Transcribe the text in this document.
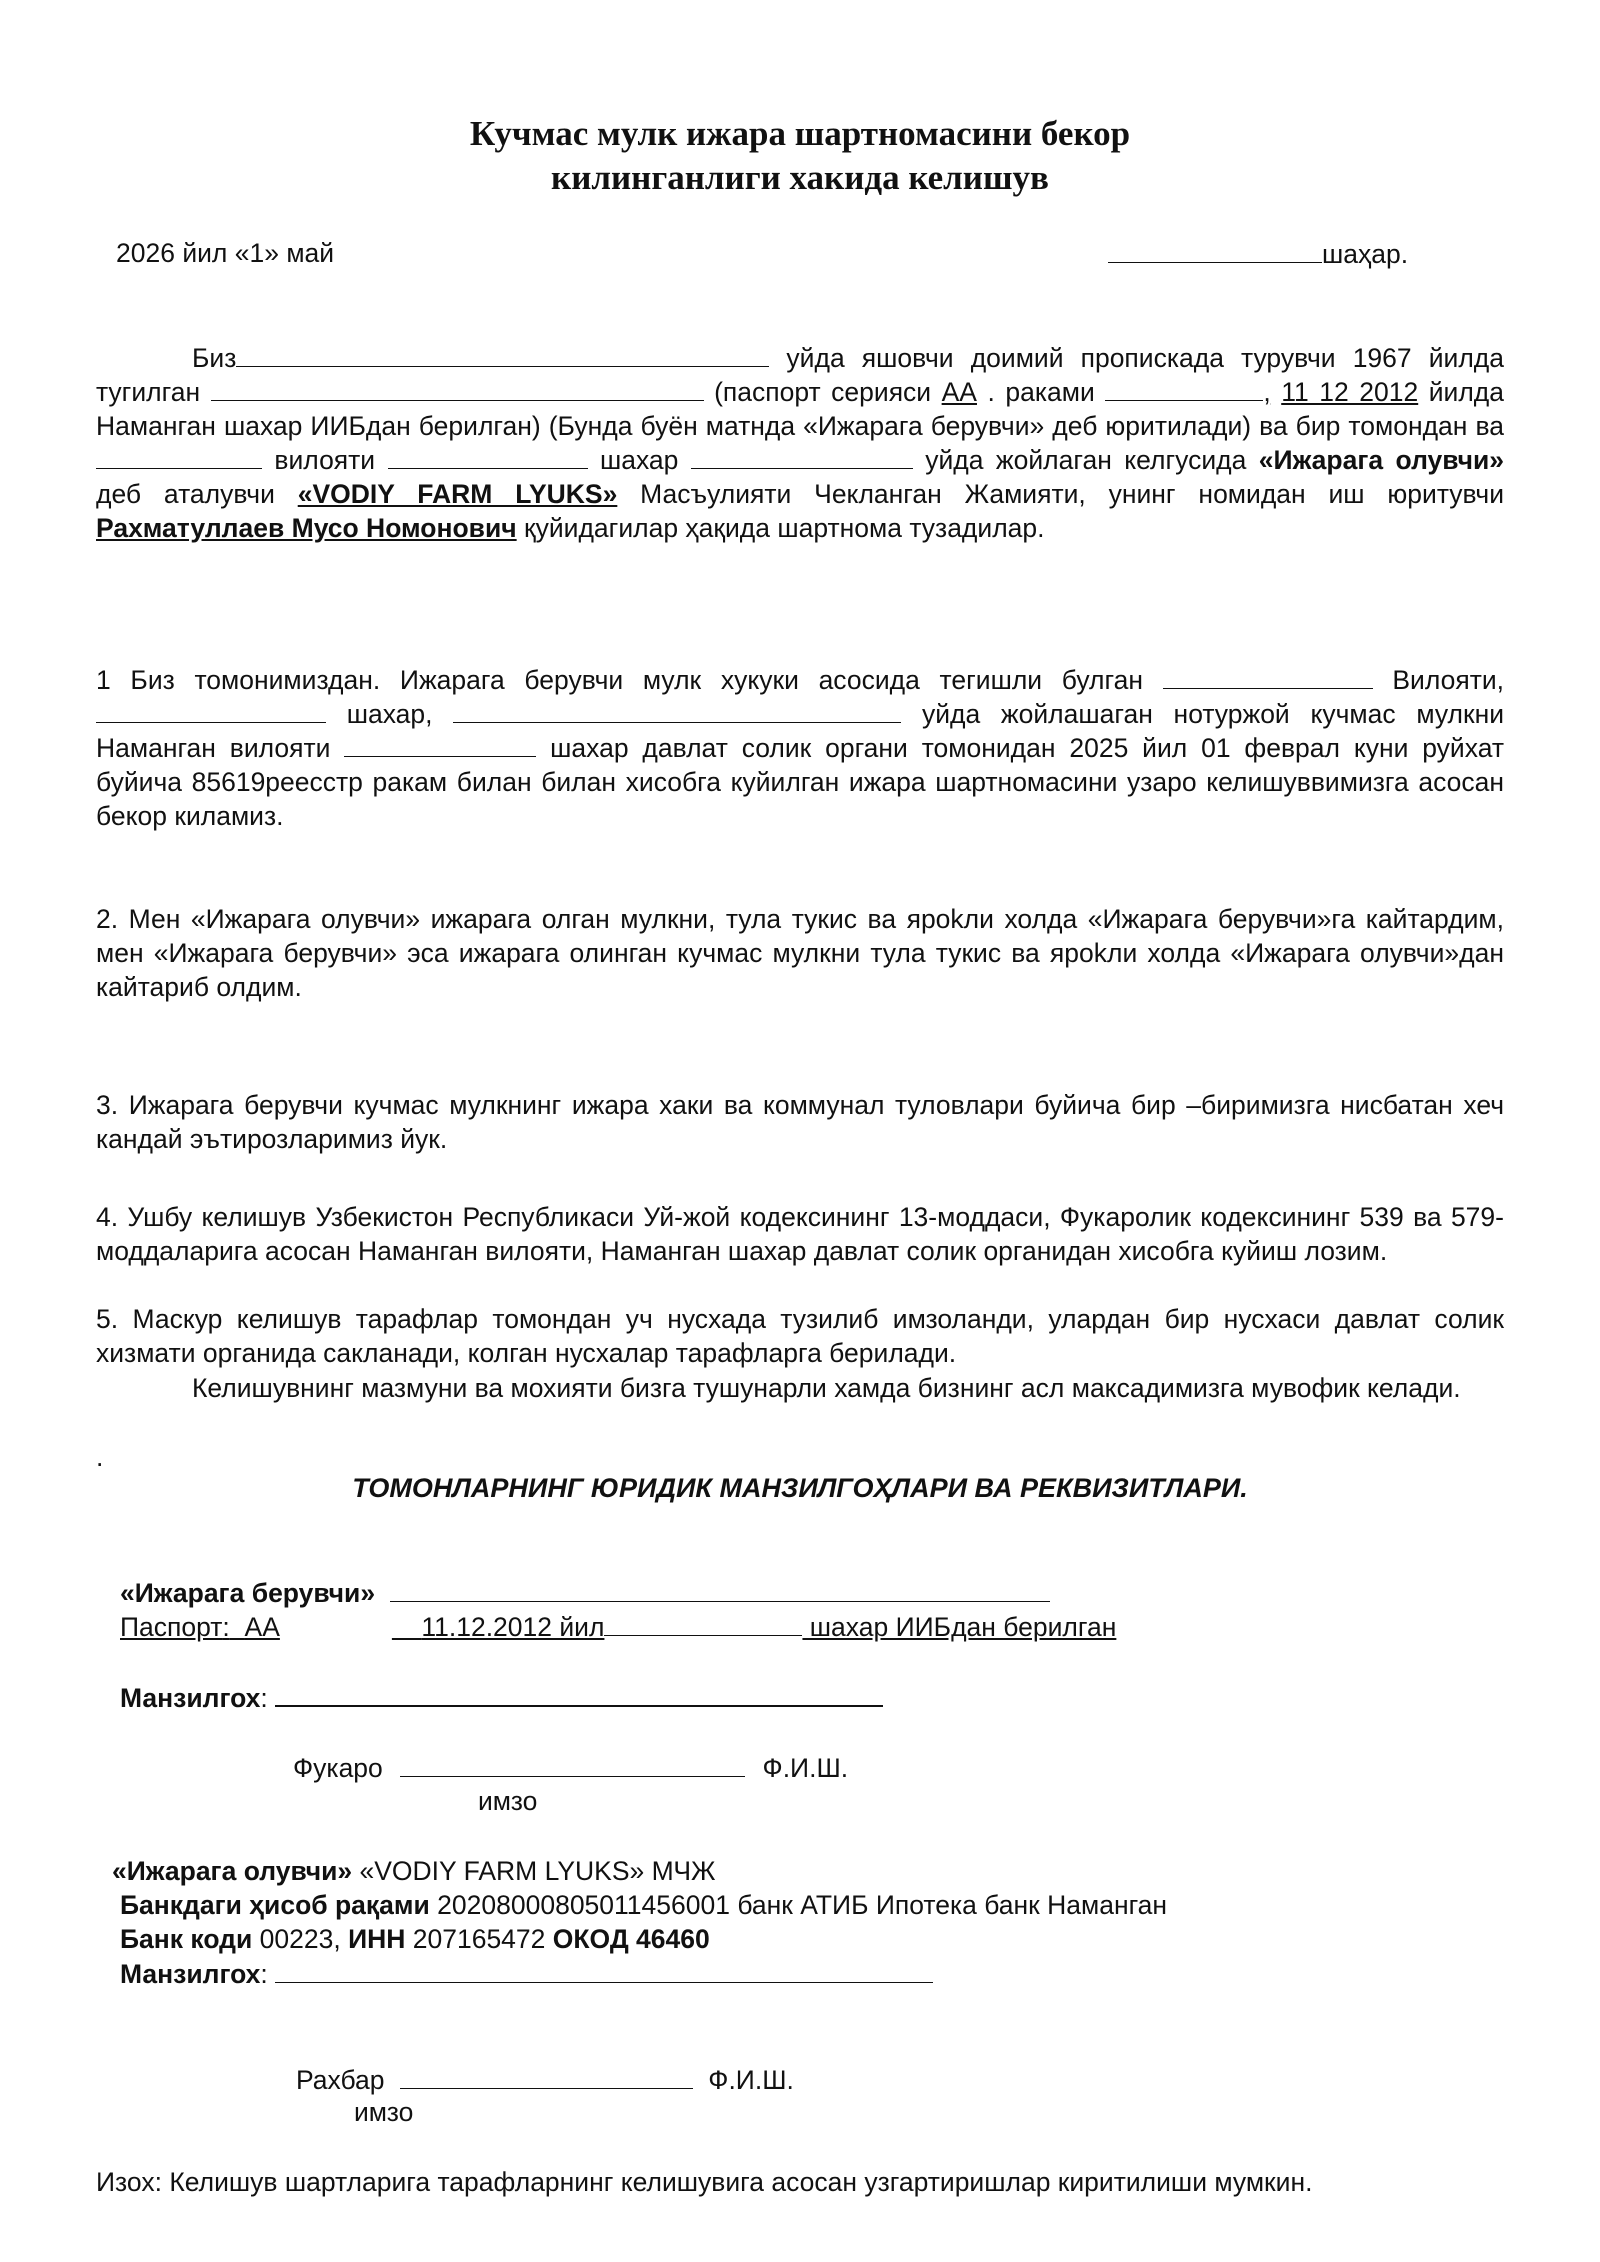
Кучмас мулк ижара шартномасини бекор
килинганлиги хакида келишув
2026 йил «1» май	шаҳар.
Биз	уйда яшовчи доимий пропискада турувчи 1967 йилда тугилган	(паспорт серияси АА . раками	, 11 12 2012 йилда Наманган шахар ИИБдан берилган) (Бунда буён матнда «Ижарага берувчи» деб юритилади) ва бир томондан ва  вилояти	шахар	уйда жойлаган келгусида «Ижарага олувчи» деб аталувчи «VODIY FARM LYUKS» Масъулияти Чекланган Жамияти, унинг номидан иш юритувчи Рахматуллаев Мусо Номонович қуйидагилар ҳақида шартнома тузадилар.
1 Биз томонимиздан. Ижарага берувчи мулк хукуки асосида тегишли булган	Вилояти,  шахар,	уйда жойлашаган нотуржой кучмас мулкни Наманган вилояти	шахар давлат солик органи томонидан 2025 йил 01 феврал куни руйхат буйича 85619реесстр ракам билан билан хисобга куйилган ижара шартномасини узаро келишуввимизга асосан бекор киламиз.
2. Мен «Ижарага олувчи» ижарага олган мулкни, тула тукис ва яроkли холда «Ижарага берувчи»га кайтардим, мен «Ижарага берувчи» эса ижарага олинган кучмас мулкни тула тукис ва яроkли холда «Ижарага олувчи»дан кайтариб олдим.
3. Ижарага берувчи кучмас мулкнинг ижара хаки ва коммунал туловлари буйича бир –биримизга нисбатан хеч кандай эътирозларимиз йук.
4. Ушбу келишув Узбекистон Республикаси Уй-жой кодексининг 13-моддаси, Фукаролик кодексининг 539 ва 579-моддаларига асосан Наманган вилояти, Наманган шахар давлат солик органидан хисобга куйиш лозим.
5. Маскур келишув тарафлар томондан уч нусхада тузилиб имзоланди, улардан бир нусхаси давлат солик хизмати органида сакланади, колган нусхалар тарафларга берилади.
Келишувнинг мазмуни ва мохияти бизга тушунарли хамда бизнинг асл максадимизга мувофик келади.
.
ТОМОНЛАРНИНГ ЮРИДИК МАНЗИЛГОҲЛАРИ ВА РЕКВИЗИТЛАРИ.
«Ижарага берувчи»
Паспорт: АА	11.12.2012 йил	шахар ИИБдан берилган
Манзилгох:
Фукаро	Ф.И.Ш.
имзо
«Ижарага олувчи» «VODIY FARM LYUKS» МЧЖ
Банкдаги ҳисоб рақами 20208000805011456001 банк АТИБ Ипотека банк Наманган
Банк коди 00223, ИНН 207165472 ОКОД 46460
Манзилгох:
Рахбар	Ф.И.Ш.
имзо
Изох: Келишув шартларига тарафларнинг келишувига асосан узгартиришлар киритилиши мумкин.
